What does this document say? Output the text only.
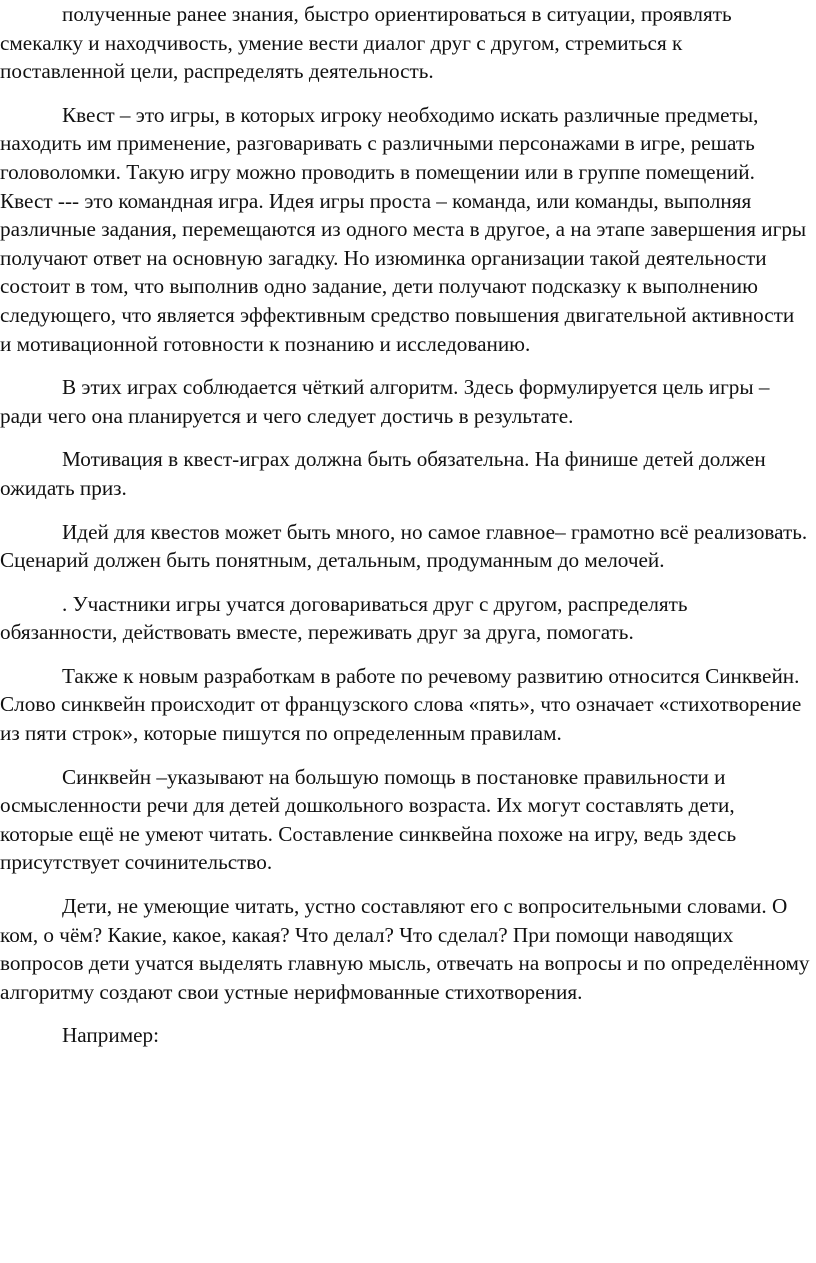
полученные ранее знания, быстро ориентироваться в ситуации, проявлять смекалку и находчивость, умение вести диалог друг с другом, стремиться к поставленной цели, распределять деятельность.

Квест – это игры, в которых игроку необходимо искать различные предметы, находить им применение, разговаривать с различными персонажами в игре, решать головоломки. Такую игру можно проводить в помещении или в группе помещений. Квест --- это командная игра. Идея игры проста – команда, или команды, выполняя различные задания, перемещаются из одного места в другое, а на этапе завершения игры получают ответ на основную загадку. Но изюминка организации такой деятельности состоит в том, что выполнив одно задание, дети получают подсказку к выполнению следующего, что является эффективным средство повышения двигательной активности и мотивационной готовности к познанию и исследованию.

В этих играх соблюдается чёткий алгоритм. Здесь формулируется цель игры – ради чего она планируется и чего следует достичь в результате.

Мотивация в квест-играх должна быть обязательна. На финише детей должен ожидать приз.

Идей для квестов может быть много, но самое главное– грамотно всё реализовать. Сценарий должен быть понятным, детальным, продуманным до мелочей.

. Участники игры учатся договариваться друг с другом, распределять обязанности, действовать вместе, переживать друг за друга, помогать.

Также к новым разработкам в работе по речевому развитию относится Синквейн. Слово синквейн происходит от французского слова «пять», что означает «стихотворение из пяти строк», которые пишутся по определенным правилам.

Синквейн –указывают на большую помощь в постановке правильности и осмысленности речи для детей дошкольного возраста. Их могут составлять дети, которые ещё не умеют читать. Составление синквейна похоже на игру, ведь здесь присутствует сочинительство.

Дети, не умеющие читать, устно составляют его с вопросительными словами. О ком, о чём? Какие, какое, какая? Что делал? Что сделал? При помощи наводящих вопросов дети учатся выделять главную мысль, отвечать на вопросы и по определённому алгоритму создают свои устные нерифмованные стихотворения.

Например:
